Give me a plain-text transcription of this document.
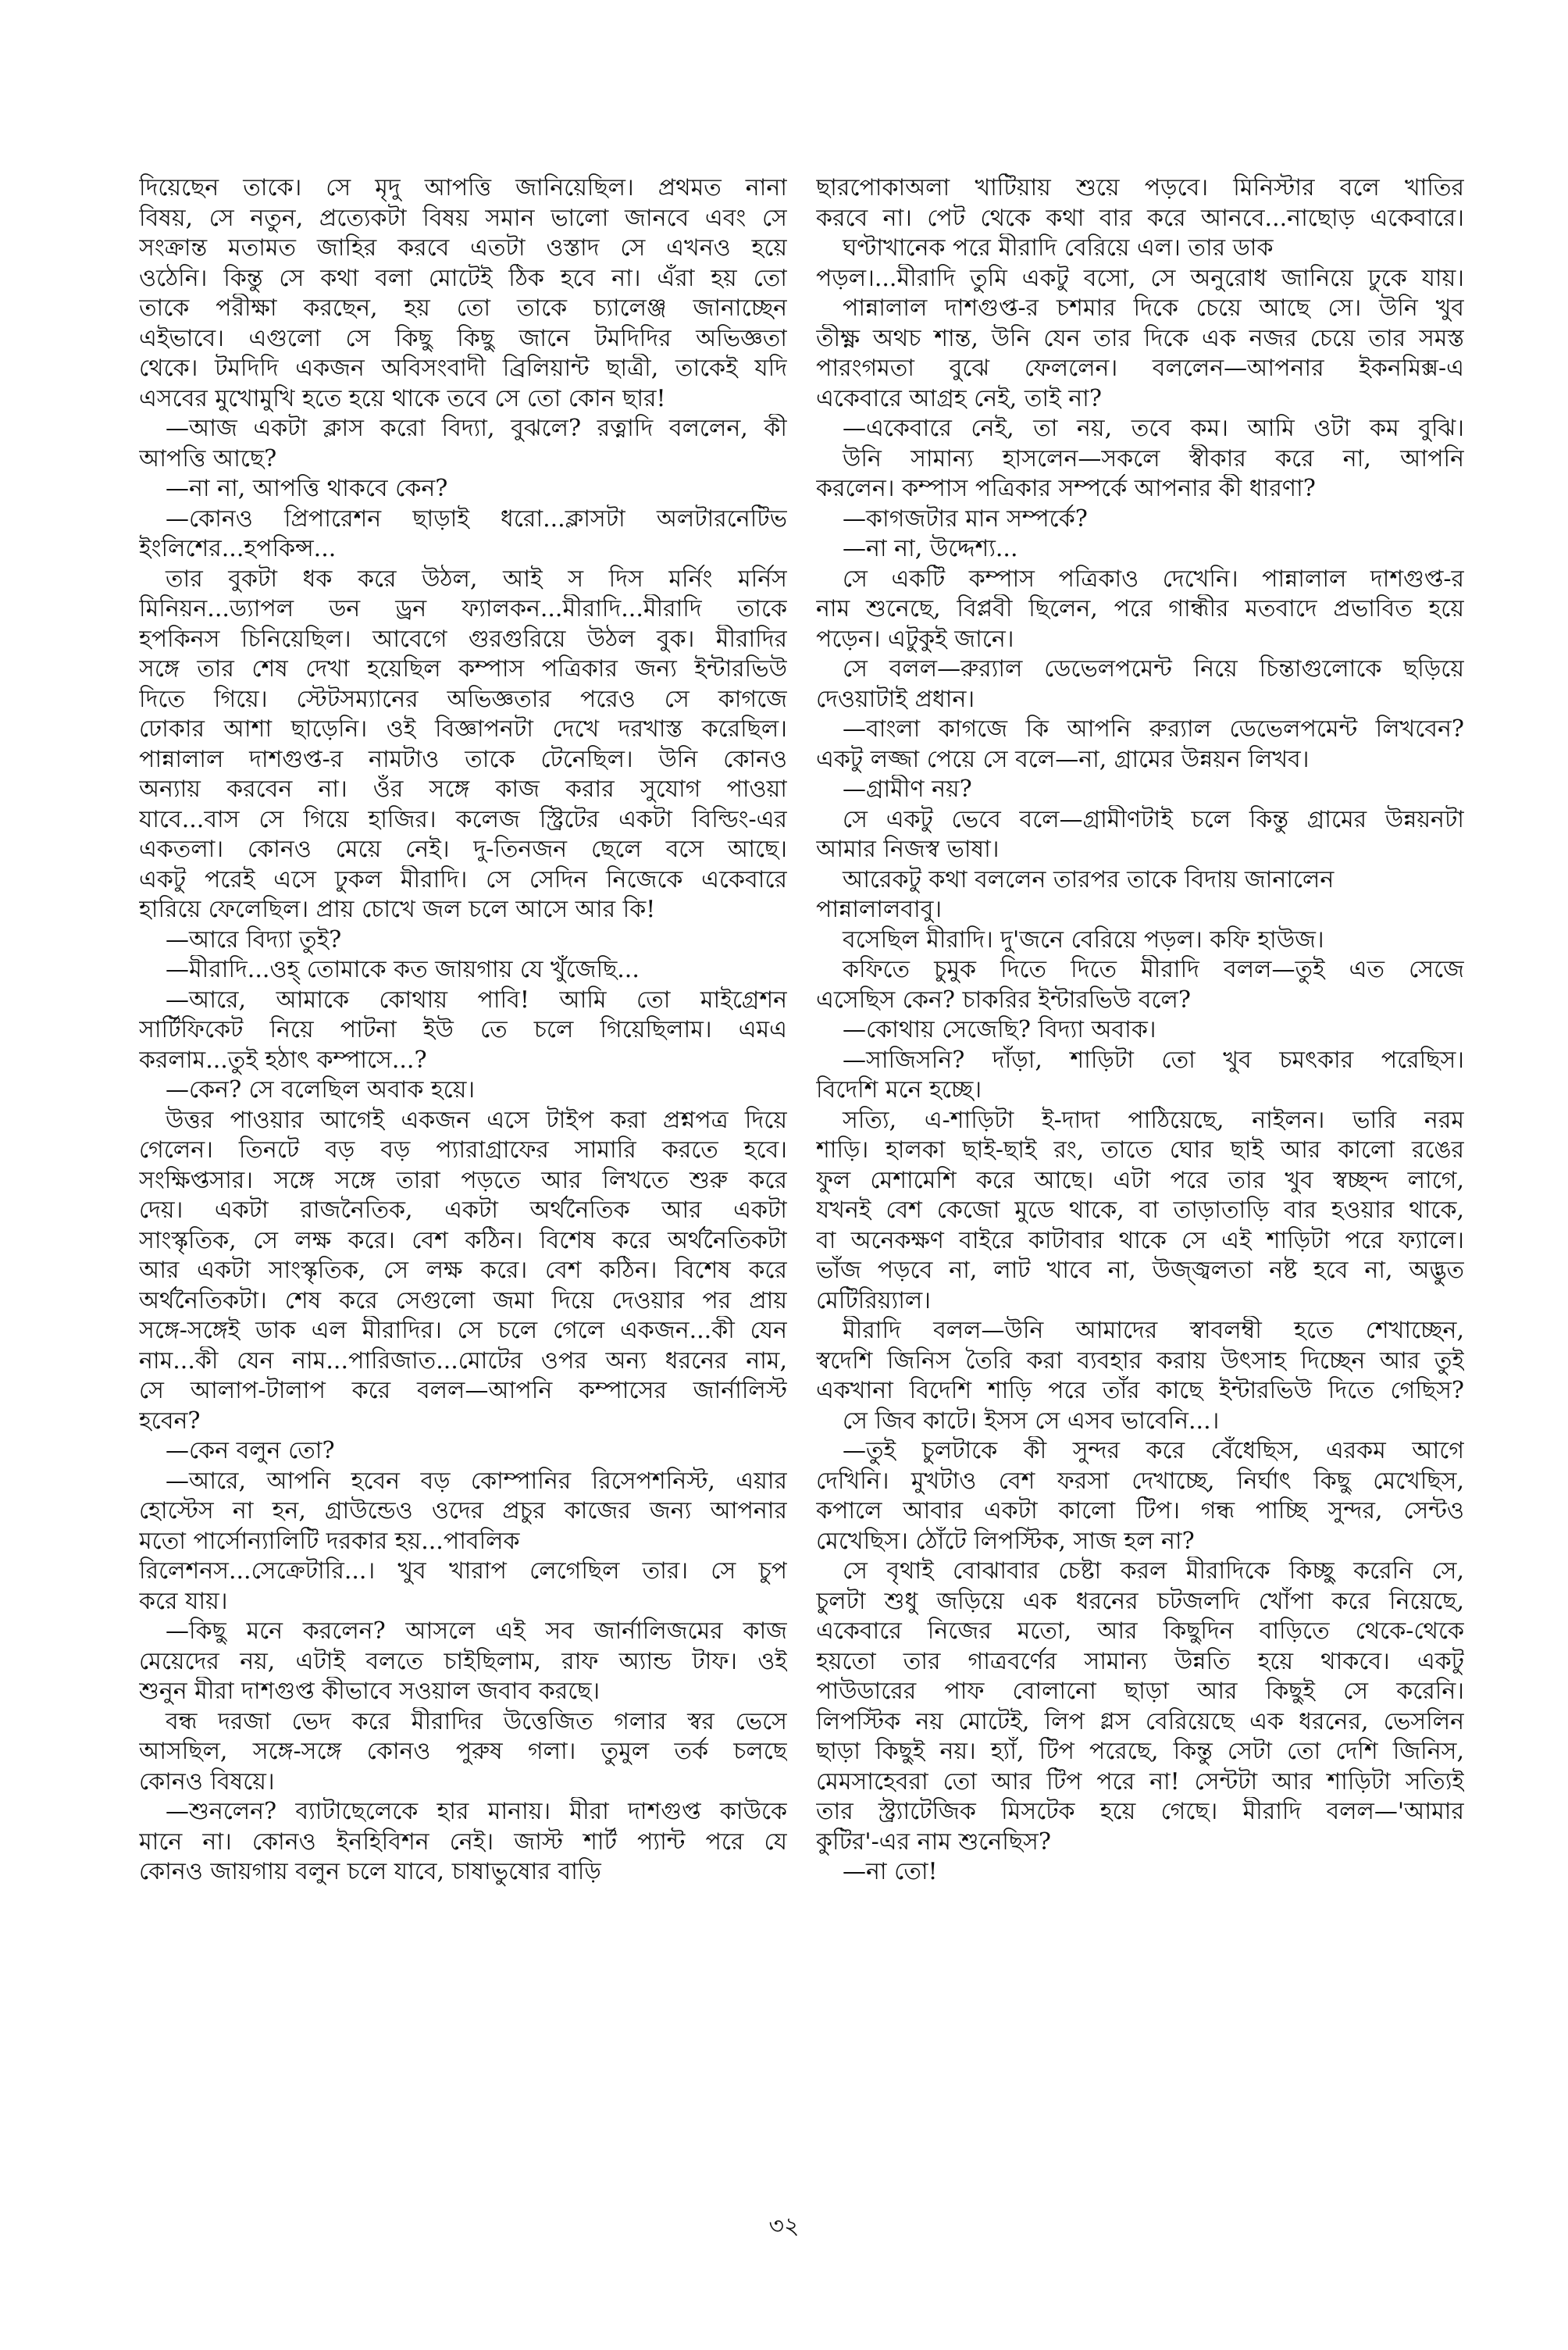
দিয়েছেন তাকে। সে মৃদু আপত্তি জানিয়েছিল। প্রথমত নানা
বিষয়, সে নতুন, প্রত্যেকটা বিষয় সমান ভালো জানবে এবং সে
সংক্রান্ত মতামত জাহির করবে এতটা ওস্তাদ সে এখনও হয়ে
ওঠেনি। কিন্তু সে কথা বলা মোটেই ঠিক হবে না। এঁরা হয় তো
তাকে পরীক্ষা করছেন, হয় তো তাকে চ্যালেঞ্জ জানাচ্ছেন
এইভাবে। এগুলো সে কিছু কিছু জানে টমদিদির অভিজ্ঞতা
থেকে। টমদিদি একজন অবিসংবাদী ব্রিলিয়ান্ট ছাত্রী, তাকেই যদি
এসবের মুখোমুখি হতে হয়ে থাকে তবে সে তো কোন ছার!
—আজ একটা ক্লাস করো বিদ্যা, বুঝলে? রত্নাদি বললেন, কী
আপত্তি আছে?
—না না, আপত্তি থাকবে কেন?
—কোনও প্রিপারেশন ছাড়াই ধরো...ক্লাসটা অলটারনেটিভ
ইংলিশের...হপকিন্স...
তার বুকটা ধক করে উঠল, আই স দিস মর্নিং মর্নিস
মিনিয়ন...ড্যাপল ডন ড্রন ফ্যালকন...মীরাদি...মীরাদি তাকে
হপকিনস চিনিয়েছিল। আবেগে গুরগুরিয়ে উঠল বুক। মীরাদির
সঙ্গে তার শেষ দেখা হয়েছিল কম্পাস পত্রিকার জন্য ইন্টারভিউ
দিতে গিয়ে। স্টেটসম্যানের অভিজ্ঞতার পরেও সে কাগজে
ঢোকার আশা ছাড়েনি। ওই বিজ্ঞাপনটা দেখে দরখাস্ত করেছিল।
পান্নালাল দাশগুপ্ত-র নামটাও তাকে টেনেছিল। উনি কোনও
অন্যায় করবেন না। ওঁর সঙ্গে কাজ করার সুযোগ পাওয়া
যাবে...বাস সে গিয়ে হাজির। কলেজ স্ট্রিটের একটা বিল্ডিং-এর
একতলা। কোনও মেয়ে নেই। দু-তিনজন ছেলে বসে আছে।
একটু পরেই এসে ঢুকল মীরাদি। সে সেদিন নিজেকে একেবারে
হারিয়ে ফেলেছিল। প্রায় চোখে জল চলে আসে আর কি!
—আরে বিদ্যা তুই?
—মীরাদি...ওহ্ তোমাকে কত জায়গায় যে খুঁজেছি...
—আরে, আমাকে কোথায় পাবি! আমি তো মাইগ্রেশন
সার্টিফিকেট নিয়ে পাটনা ইউ তে চলে গিয়েছিলাম। এমএ
করলাম...তুই হঠাৎ কম্পাসে...?
—কেন? সে বলেছিল অবাক হয়ে।
উত্তর পাওয়ার আগেই একজন এসে টাইপ করা প্রশ্নপত্র দিয়ে
গেলেন। তিনটে বড় বড় প্যারাগ্রাফের সামারি করতে হবে।
সংক্ষিপ্তসার। সঙ্গে সঙ্গে তারা পড়তে আর লিখতে শুরু করে
দেয়। একটা রাজনৈতিক, একটা অর্থনৈতিক আর একটা
সাংস্কৃতিক, সে লক্ষ করে। বেশ কঠিন। বিশেষ করে অর্থনৈতিকটা
আর একটা সাংস্কৃতিক, সে লক্ষ করে। বেশ কঠিন। বিশেষ করে
অর্থনৈতিকটা। শেষ করে সেগুলো জমা দিয়ে দেওয়ার পর প্রায়
সঙ্গে-সঙ্গেই ডাক এল মীরাদির। সে চলে গেলে একজন...কী যেন
নাম...কী যেন নাম...পারিজাত...মোটের ওপর অন্য ধরনের নাম,
সে আলাপ-টালাপ করে বলল—আপনি কম্পাসের জার্নালিস্ট
হবেন?
—কেন বলুন তো?
—আরে, আপনি হবেন বড় কোম্পানির রিসেপশনিস্ট, এয়ার
হোস্টেস না হন, গ্রাউন্ডেও ওদের প্রচুর কাজের জন্য আপনার
মতো পার্সোন্যালিটি দরকার হয়...পাবলিক
রিলেশনস...সেক্রেটারি...। খুব খারাপ লেগেছিল তার। সে চুপ
করে যায়।
—কিছু মনে করলেন? আসলে এই সব জার্নালিজমের কাজ
মেয়েদের নয়, এটাই বলতে চাইছিলাম, রাফ অ্যান্ড টাফ। ওই
শুনুন মীরা দাশগুপ্ত কীভাবে সওয়াল জবাব করছে।
বন্ধ দরজা ভেদ করে মীরাদির উত্তেজিত গলার স্বর ভেসে
আসছিল, সঙ্গে-সঙ্গে কোনও পুরুষ গলা। তুমুল তর্ক চলছে
কোনও বিষয়ে।
—শুনলেন? ব্যাটাছেলেকে হার মানায়। মীরা দাশগুপ্ত কাউকে
মানে না। কোনও ইনহিবিশন নেই। জাস্ট শার্ট প্যান্ট পরে যে
কোনও জায়গায় বলুন চলে যাবে, চাষাভুষোর বাড়ি
ছারপোকাঅলা খাটিয়ায় শুয়ে পড়বে। মিনিস্টার বলে খাতির
করবে না। পেট থেকে কথা বার করে আনবে...নাছোড় একেবারে।
ঘণ্টাখানেক পরে মীরাদি বেরিয়ে এল। তার ডাক
পড়ল।...মীরাদি তুমি একটু বসো, সে অনুরোধ জানিয়ে ঢুকে যায়।
পান্নালাল দাশগুপ্ত-র চশমার দিকে চেয়ে আছে সে। উনি খুব
তীক্ষ্ণ অথচ শান্ত, উনি যেন তার দিকে এক নজর চেয়ে তার সমস্ত
পারংগমতা বুঝে ফেললেন। বললেন—আপনার ইকনমিক্স-এ
একেবারে আগ্রহ নেই, তাই না?
—একেবারে নেই, তা নয়, তবে কম। আমি ওটা কম বুঝি।
উনি সামান্য হাসলেন—সকলে স্বীকার করে না, আপনি
করলেন। কম্পাস পত্রিকার সম্পর্কে আপনার কী ধারণা?
—কাগজটার মান সম্পর্কে?
—না না, উদ্দেশ্য...
সে একটি কম্পাস পত্রিকাও দেখেনি। পান্নালাল দাশগুপ্ত-র
নাম শুনেছে, বিপ্লবী ছিলেন, পরে গান্ধীর মতবাদে প্রভাবিত হয়ে
পড়েন। এটুকুই জানে।
সে বলল—রুর‍্যাল ডেভেলপমেন্ট নিয়ে চিন্তাগুলোকে ছড়িয়ে
দেওয়াটাই প্রধান।
—বাংলা কাগজে কি আপনি রুর‍্যাল ডেভেলপমেন্ট লিখবেন?
একটু লজ্জা পেয়ে সে বলে—না, গ্রামের উন্নয়ন লিখব।
—গ্রামীণ নয়?
সে একটু ভেবে বলে—গ্রামীণটাই চলে কিন্তু গ্রামের উন্নয়নটা
আমার নিজস্ব ভাষা।
আরেকটু কথা বললেন তারপর তাকে বিদায় জানালেন
পান্নালালবাবু।
বসেছিল মীরাদি। দু'জনে বেরিয়ে পড়ল। কফি হাউজ।
কফিতে চুমুক দিতে দিতে মীরাদি বলল—তুই এত সেজে
এসেছিস কেন? চাকরির ইন্টারভিউ বলে?
—কোথায় সেজেছি? বিদ্যা অবাক।
—সাজিসনি? দাঁড়া, শাড়িটা তো খুব চমৎকার পরেছিস।
বিদেশি মনে হচ্ছে।
সত্যি, এ-শাড়িটা ই-দাদা পাঠিয়েছে, নাইলন। ভারি নরম
শাড়ি। হালকা ছাই-ছাই রং, তাতে ঘোর ছাই আর কালো রঙের
ফুল মেশামেশি করে আছে। এটা পরে তার খুব স্বচ্ছন্দ লাগে,
যখনই বেশ কেজো মুডে থাকে, বা তাড়াতাড়ি বার হওয়ার থাকে,
বা অনেকক্ষণ বাইরে কাটাবার থাকে সে এই শাড়িটা পরে ফ্যালে।
ভাঁজ পড়বে না, লাট খাবে না, উজ্জ্বলতা নষ্ট হবে না, অদ্ভুত
মেটিরিয়্যাল।
মীরাদি বলল—উনি আমাদের স্বাবলম্বী হতে শেখাচ্ছেন,
স্বদেশি জিনিস তৈরি করা ব্যবহার করায় উৎসাহ দিচ্ছেন আর তুই
একখানা বিদেশি শাড়ি পরে তাঁর কাছে ইন্টারভিউ দিতে গেছিস?
সে জিব কাটে। ইসস সে এসব ভাবেনি...।
—তুই চুলটাকে কী সুন্দর করে বেঁধেছিস, এরকম আগে
দেখিনি। মুখটাও বেশ ফরসা দেখাচ্ছে, নির্ঘাৎ কিছু মেখেছিস,
কপালে আবার একটা কালো টিপ। গন্ধ পাচ্ছি সুন্দর, সেন্টও
মেখেছিস। ঠোঁটে লিপস্টিক, সাজ হল না?
সে বৃথাই বোঝাবার চেষ্টা করল মীরাদিকে কিচ্ছু করেনি সে,
চুলটা শুধু জড়িয়ে এক ধরনের চটজলদি খোঁপা করে নিয়েছে,
একেবারে নিজের মতো, আর কিছুদিন বাড়িতে থেকে-থেকে
হয়তো তার গাত্রবর্ণের সামান্য উন্নতি হয়ে থাকবে। একটু
পাউডারের পাফ বোলানো ছাড়া আর কিছুই সে করেনি।
লিপস্টিক নয় মোটেই, লিপ গ্লস বেরিয়েছে এক ধরনের, ভেসলিন
ছাড়া কিছুই নয়। হ্যাঁ, টিপ পরেছে, কিন্তু সেটা তো দেশি জিনিস,
মেমসাহেবরা তো আর টিপ পরে না! সেন্টটা আর শাড়িটা সত্যিই
তার স্ট্র্যাটেজিক মিসটেক হয়ে গেছে। মীরাদি বলল—'আমার
কুটির'-এর নাম শুনেছিস?
—না তো!
৩২
